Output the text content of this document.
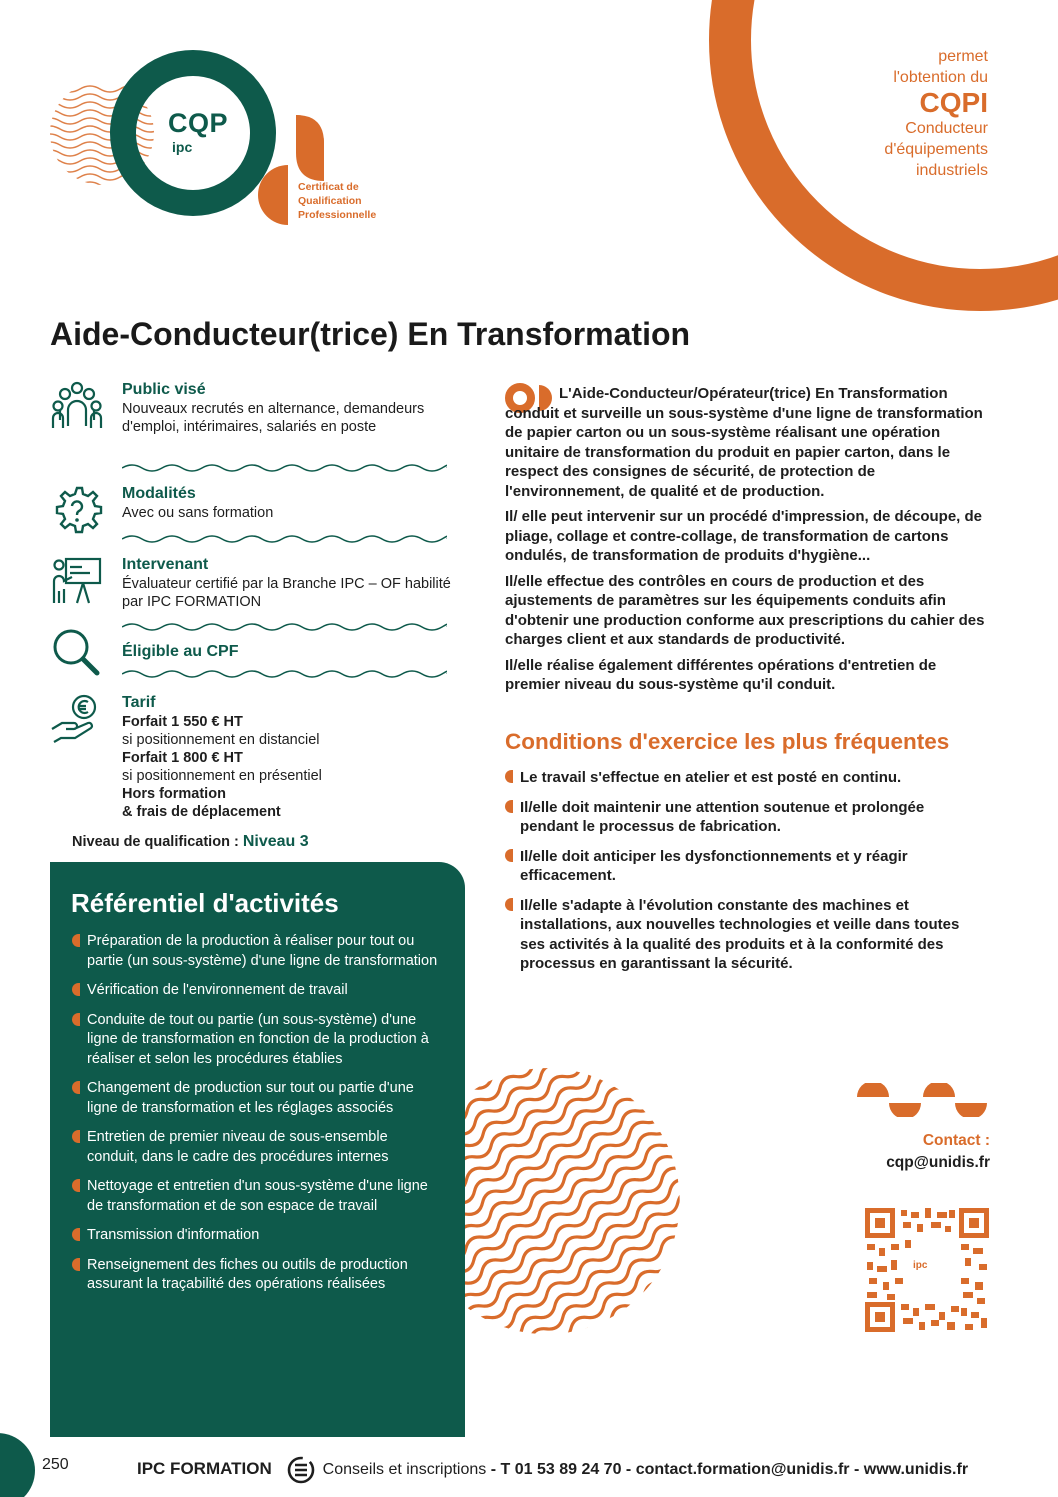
CQP
ipc
Certificat de
Qualification
Professionnelle
permet
l'obtention du
CQPI
Conducteur
d'équipements
industriels
Aide-Conducteur(trice) En Transformation
Public visé
Nouveaux recrutés en alternance, demandeurs d'emploi, intérimaires, salariés en poste
Modalités
Avec ou sans formation
Intervenant
Évaluateur certifié par la Branche IPC – OF habilité par IPC FORMATION
Éligible au CPF
Tarif
Forfait 1 550 € HT
si positionnement en distanciel
Forfait 1 800 € HT
si positionnement en présentiel
Hors formation
& frais de déplacement
Niveau de qualification : Niveau 3
Référentiel d'activités
Préparation de la production à réaliser pour tout ou partie (un sous-système) d'une ligne de transformation
Vérification de l'environnement de travail
Conduite de tout ou partie (un sous-système) d'une ligne de transformation en fonction de la production à réaliser et selon les procédures établies
Changement de production sur tout ou partie d'une ligne de transformation et les réglages associés
Entretien de premier niveau de sous-ensemble conduit, dans le cadre des procédures internes
Nettoyage et entretien d'un sous-système d'une ligne de transformation et de son espace de travail
Transmission d'information
Renseignement des fiches ou outils de production assurant la traçabilité des opérations réalisées

L'Aide-Conducteur/Opérateur(trice) En Transformation conduit et surveille un sous-système d'une ligne de transformation de papier carton ou un sous-système réalisant une opération unitaire de transformation du produit en papier carton, dans le respect des consignes de sécurité, de protection de l'environnement, de qualité et de production.

Il/ elle peut intervenir sur un procédé d'impression, de découpe, de pliage, collage et contre-collage, de transformation de cartons ondulés, de transformation de produits d'hygiène...

Il/elle effectue des contrôles en cours de production et des ajustements de paramètres sur les équipements conduits afin d'obtenir une production conforme aux prescriptions du cahier des charges client et aux standards de productivité.

Il/elle réalise également différentes opérations d'entretien de premier niveau du sous-système qu'il conduit.

Conditions d'exercice les plus fréquentes
Le travail s'effectue en atelier et est posté en continu.
Il/elle doit maintenir une attention soutenue et prolongée pendant le processus de fabrication.
Il/elle doit anticiper les dysfonctionnements et y réagir efficacement.
Il/elle s'adapte à l'évolution constante des machines et installations, aux nouvelles technologies et veille dans toutes ses activités à la qualité des produits et à la conformité des processus en garantissant la sécurité.
Contact :
cqp@unidis.fr
ipc
250	IPC FORMATION	Conseils et inscriptions - T 01 53 89 24 70 - contact.formation@unidis.fr - www.unidis.fr
